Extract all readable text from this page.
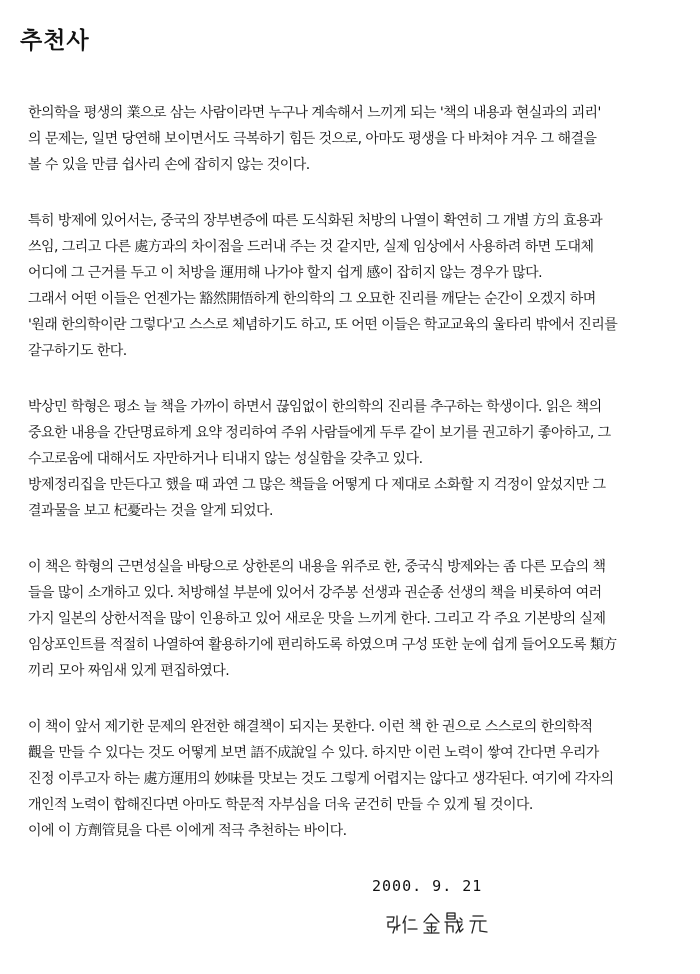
추천사
한의학을 평생의 業으로 삼는 사람이라면 누구나 계속해서 느끼게 되는 '책의 내용과 현실과의 괴리'
의 문제는, 일면 당연해 보이면서도 극복하기 힘든 것으로, 아마도 평생을 다 바쳐야 겨우 그 해결을
볼 수 있을 만큼 쉽사리 손에 잡히지 않는 것이다.
특히 방제에 있어서는, 중국의 장부변증에 따른 도식화된 처방의 나열이 확연히 그 개별 方의 효용과
쓰임, 그리고 다른 處方과의 차이점을 드러내 주는 것 같지만, 실제 임상에서 사용하려 하면 도대체
어디에 그 근거를 두고 이 처방을 運用해 나가야 할지 쉽게 感이 잡히지 않는 경우가 많다.
그래서 어떤 이들은 언젠가는 豁然開悟하게 한의학의 그 오묘한 진리를 깨닫는 순간이 오겠지 하며
'원래 한의학이란 그렇다'고 스스로 체념하기도 하고, 또 어떤 이들은 학교교육의 울타리 밖에서 진리를
갈구하기도 한다.
박상민 학형은 평소 늘 책을 가까이 하면서 끊임없이 한의학의 진리를 추구하는 학생이다. 읽은 책의
중요한 내용을 간단명료하게 요약 정리하여 주위 사람들에게 두루 같이 보기를 권고하기 좋아하고, 그
수고로움에 대해서도 자만하거나 티내지 않는 성실함을 갖추고 있다.
방제정리집을 만든다고 했을 때 과연 그 많은 책들을 어떻게 다 제대로 소화할 지 걱정이 앞섰지만 그
결과물을 보고 杞憂라는 것을 알게 되었다.
이 책은 학형의 근면성실을 바탕으로 상한론의 내용을 위주로 한, 중국식 방제와는 좀 다른 모습의 책
들을 많이 소개하고 있다. 처방해설 부분에 있어서 강주봉 선생과 권순종 선생의 책을 비롯하여 여러
가지 일본의 상한서적을 많이 인용하고 있어 새로운 맛을 느끼게 한다. 그리고 각 주요 기본방의 실제
임상포인트를 적절히 나열하여 활용하기에 편리하도록 하였으며 구성 또한 눈에 쉽게 들어오도록 類方
끼리 모아 짜임새 있게 편집하였다.
이 책이 앞서 제기한 문제의 완전한 해결책이 되지는 못한다. 이런 책 한 권으로 스스로의 한의학적
觀을 만들 수 있다는 것도 어떻게 보면 語不成說일 수 있다. 하지만 이런 노력이 쌓여 간다면 우리가
진정 이루고자 하는 處方運用의 妙味를 맛보는 것도 그렇게 어렵지는 않다고 생각된다. 여기에 각자의
개인적 노력이 합해진다면 아마도 학문적 자부심을 더욱 굳건히 만들 수 있게 될 것이다.
이에 이 方劑管見을 다른 이에게 적극 추천하는 바이다.
2000. 9. 21
